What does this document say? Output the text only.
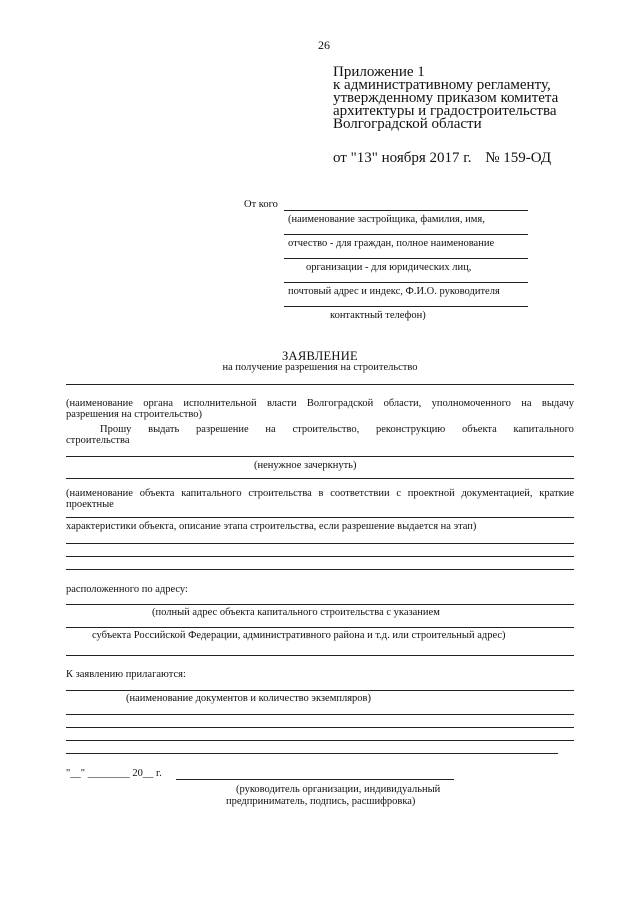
26
Приложение 1
к административному регламенту,
утвержденному приказом комитета
архитектуры и градостроительства
Волгоградской области
от "13" ноября 2017 г. № 159-ОД
От кого
(наименование застройщика, фамилия, имя,
отчество - для граждан, полное наименование
организации - для юридических лиц,
почтовый адрес и индекс, Ф.И.О. руководителя
контактный телефон)
ЗАЯВЛЕНИЕ
на получение разрешения на строительство
(наименование органа исполнительной власти Волгоградской области, уполномоченного на выдачу
разрешения на строительство)
Прошу выдать разрешение на строительство, реконструкцию объекта капитального
строительства
(ненужное зачеркнуть)
(наименование объекта капитального строительства в соответствии с проектной документацией, краткие
проектные
характеристики объекта, описание этапа строительства, если разрешение выдается на этап)
расположенного по адресу:
(полный адрес объекта капитального строительства с указанием
субъекта Российской Федерации, административного района и т.д. или строительный адрес)
К заявлению прилагаются:
(наименование документов и количество экземпляров)
"__" ________ 20__ г.
(руководитель организации, индивидуальный
предприниматель, подпись, расшифровка)
